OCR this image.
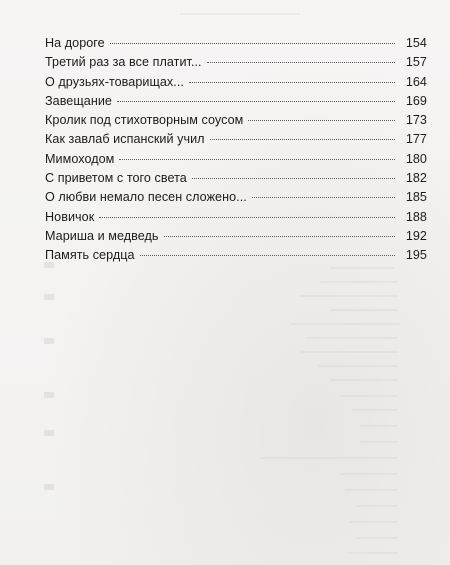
На дороге	154
Третий раз за все платит...	157
О друзьях-товарищах...	164
Завещание	169
Кролик под стихотворным соусом	173
Как завлаб испанский учил	177
Мимоходом	180
С приветом с того света	182
О любви немало песен сложено...	185
Новичок	188
Мариша и медведь	192
Память сердца	195
